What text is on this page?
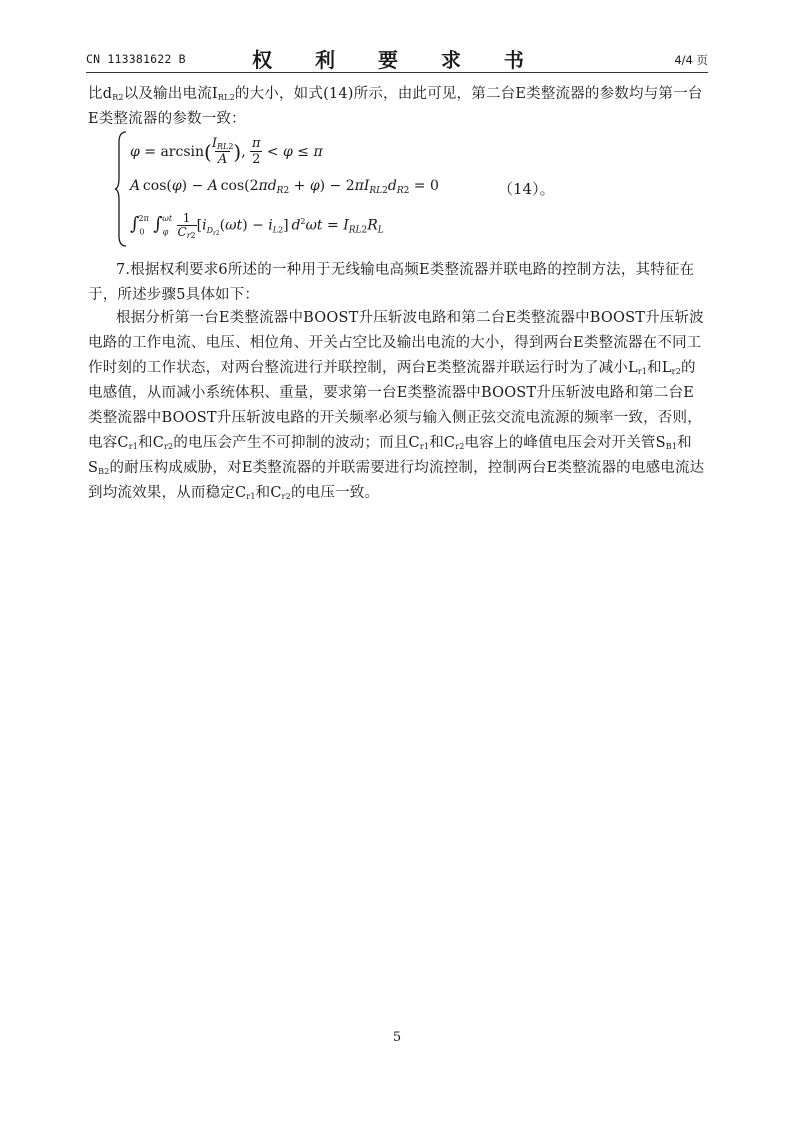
CN 113381622 B	权 利 要 求 书	4/4 页
比$d_{R2}$以及输出电流$I_{RL2}$的大小，如式(14)所示，由此可见，第二台E类整流器的参数均与第一台E类整流器的参数一致：
$\varphi = \arcsin(I_{RL2}$
A ), $\frac{\pi}{2} < \varphi \le \pi$
A cos(φ) − A $\cos(2\pi d_{R2} + \varphi) - 2\pi I_{RL2}d_{R2} = 0$
$\int_0^{2\pi}$ $\int_\varphi^{\omega t}$ 1
$C_{r2}[i_{D_{r2}}(\omega t) - i_{L2}] d^2\omega t = I_{RL2}R_L$
（14）。
7.根据权利要求6所述的一种用于无线输电高频E类整流器并联电路的控制方法，其特征在于，所述步骤5具体如下：
根据分析第一台E类整流器中BOOST升压斩波电路和第二台E类整流器中BOOST升压斩波电路的工作电流、电压、相位角、开关占空比及输出电流的大小，得到两台E类整流器在不同工作时刻的工作状态，对两台整流进行并联控制，两台E类整流器并联运行时为了减小$L_{r1}$和$L_{r2}$的电感值，从而减小系统体积、重量，要求第一台E类整流器中BOOST升压斩波电路和第二台E类整流器中BOOST升压斩波电路的开关频率必须与输入侧正弦交流电流源的频率一致，否则，电容$C_{r1}$和$C_{r2}$的电压会产生不可抑制的波动；而且$C_{r1}$和$C_{r2}$电容上的峰值电压会对开关管$S_{B1}$和$S_{B2}$的耐压构成威胁，对E类整流器的并联需要进行均流控制，控制两台E类整流器的电感电流达到均流效果，从而稳定$C_{r1}$和$C_{r2}$的电压一致。
5
